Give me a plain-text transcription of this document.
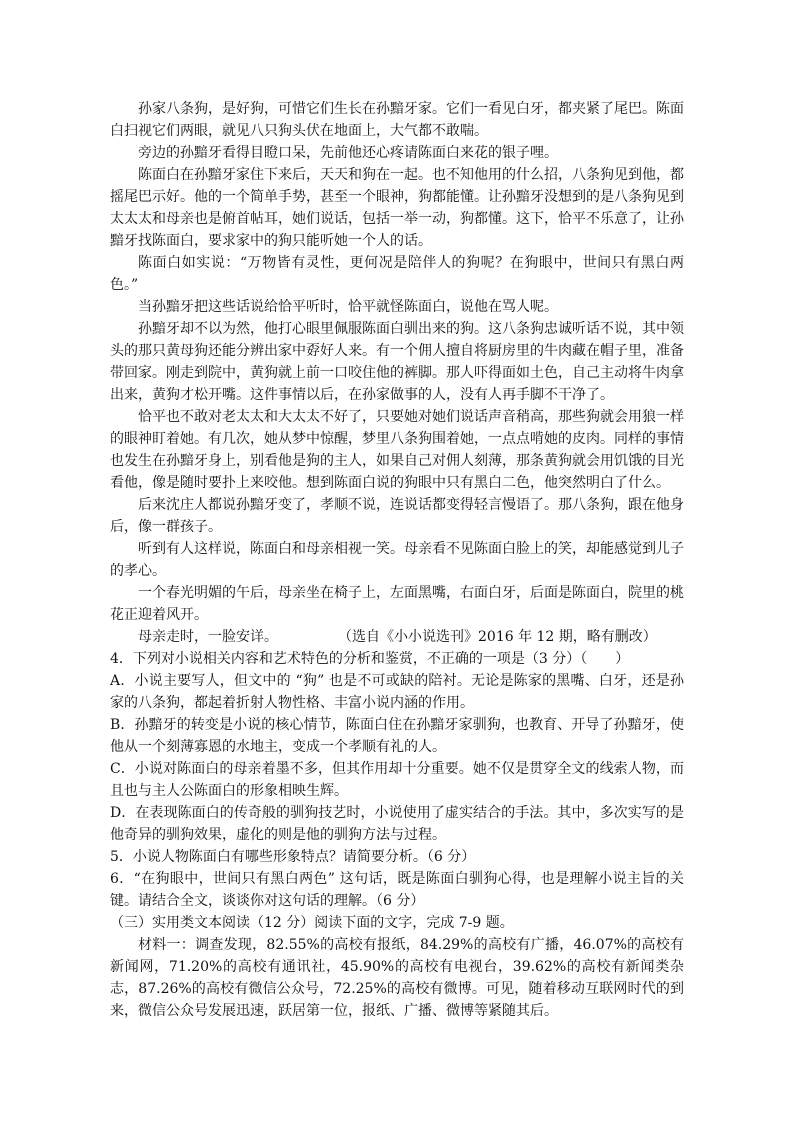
孙家八条狗，是好狗，可惜它们生长在孙黯牙家。它们一看见白牙，都夹紧了尾巴。陈面白扫视它们两眼，就见八只狗头伏在地面上，大气都不敢喘。

旁边的孙黯牙看得目瞪口呆，先前他还心疼请陈面白来花的银子哩。

陈面白在孙黯牙家住下来后，天天和狗在一起。也不知他用的什么招，八条狗见到他，都摇尾巴示好。他的一个简单手势，甚至一个眼神，狗都能懂。让孙黯牙没想到的是八条狗见到太太太和母亲也是俯首帖耳，她们说话，包括一举一动，狗都懂。这下，恰平不乐意了，让孙黯牙找陈面白，要求家中的狗只能听她一个人的话。

陈面白如实说：“万物皆有灵性，更何况是陪伴人的狗呢？在狗眼中，世间只有黑白两色。”

当孙黯牙把这些话说给恰平听时，恰平就怪陈面白，说他在骂人呢。

孙黯牙却不以为然，他打心眼里佩服陈面白驯出来的狗。这八条狗忠诚听话不说，其中领头的那只黄母狗还能分辨出家中孬好人来。有一个佣人擅自将厨房里的牛肉藏在帽子里，准备带回家。刚走到院中，黄狗就上前一口咬住他的裤脚。那人吓得面如土色，自己主动将牛肉拿出来，黄狗才松开嘴。这件事情以后，在孙家做事的人，没有人再手脚不干净了。

恰平也不敢对老太太和大太太不好了，只要她对她们说话声音稍高，那些狗就会用狼一样的眼神盯着她。有几次，她从梦中惊醒，梦里八条狗围着她，一点点啃她的皮肉。同样的事情也发生在孙黯牙身上，别看他是狗的主人，如果自己对佣人刻薄，那条黄狗就会用饥饿的目光看他，像是随时要扑上来咬他。想到陈面白说的狗眼中只有黑白二色，他突然明白了什么。

后来沈庄人都说孙黯牙变了，孝顺不说，连说话都变得轻言慢语了。那八条狗，跟在他身后，像一群孩子。

听到有人这样说，陈面白和母亲相视一笑。母亲看不见陈面白脸上的笑，却能感觉到儿子的孝心。

一个春光明媚的午后，母亲坐在椅子上，左面黑嘴，右面白牙，后面是陈面白，院里的桃花正迎着风开。

母亲走时，一脸安详。	（选自《小小说选刊》2016 年 12 期，略有删改）

4．下列对小说相关内容和艺术特色的分析和鉴赏，不正确的一项是（3 分）（　　）

A．小说主要写人，但文中的 “狗” 也是不可或缺的陪衬。无论是陈家的黑嘴、白牙，还是孙家的八条狗，都起着折射人物性格、丰富小说内涵的作用。

B．孙黯牙的转变是小说的核心情节，陈面白住在孙黯牙家驯狗，也教育、开导了孙黯牙，使他从一个刻薄寡恩的水地主，变成一个孝顺有礼的人。

C．小说对陈面白的母亲着墨不多，但其作用却十分重要。她不仅是贯穿全文的线索人物，而且也与主人公陈面白的形象相映生辉。

D．在表现陈面白的传奇般的驯狗技艺时，小说使用了虚实结合的手法。其中，多次实写的是他奇异的驯狗效果，虚化的则是他的驯狗方法与过程。

5．小说人物陈面白有哪些形象特点？请简要分析。（6 分）

6．“在狗眼中，世间只有黑白两色” 这句话，既是陈面白驯狗心得，也是理解小说主旨的关键。请结合全文，谈谈你对这句话的理解。（6 分）

（三）实用类文本阅读（12 分）阅读下面的文字，完成 7-9 题。

材料一：调查发现，82.55%的高校有报纸，84.29%的高校有广播，46.07%的高校有新闻网，71.20%的高校有通讯社，45.90%的高校有电视台，39.62%的高校有新闻类杂志，87.26%的高校有微信公众号，72.25%的高校有微博。可见，随着移动互联网时代的到来，微信公众号发展迅速，跃居第一位，报纸、广播、微博等紧随其后。
